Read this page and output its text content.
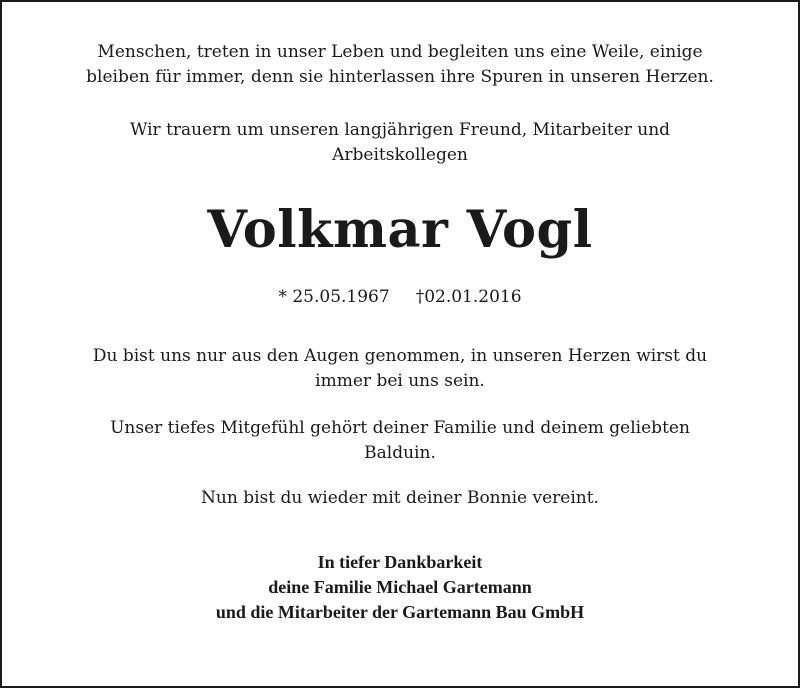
Menschen, treten in unser Leben und begleiten uns eine Weile, einige
bleiben für immer, denn sie hinterlassen ihre Spuren in unseren Herzen.
Wir trauern um unseren langjährigen Freund, Mitarbeiter und
Arbeitskollegen
Volkmar Vogl
* 25.05.1967 †02.01.2016
Du bist uns nur aus den Augen genommen, in unseren Herzen wirst du
immer bei uns sein.
Unser tiefes Mitgefühl gehört deiner Familie und deinem geliebten
Balduin.
Nun bist du wieder mit deiner Bonnie vereint.
In tiefer Dankbarkeit
deine Familie Michael Gartemann
und die Mitarbeiter der Gartemann Bau GmbH
